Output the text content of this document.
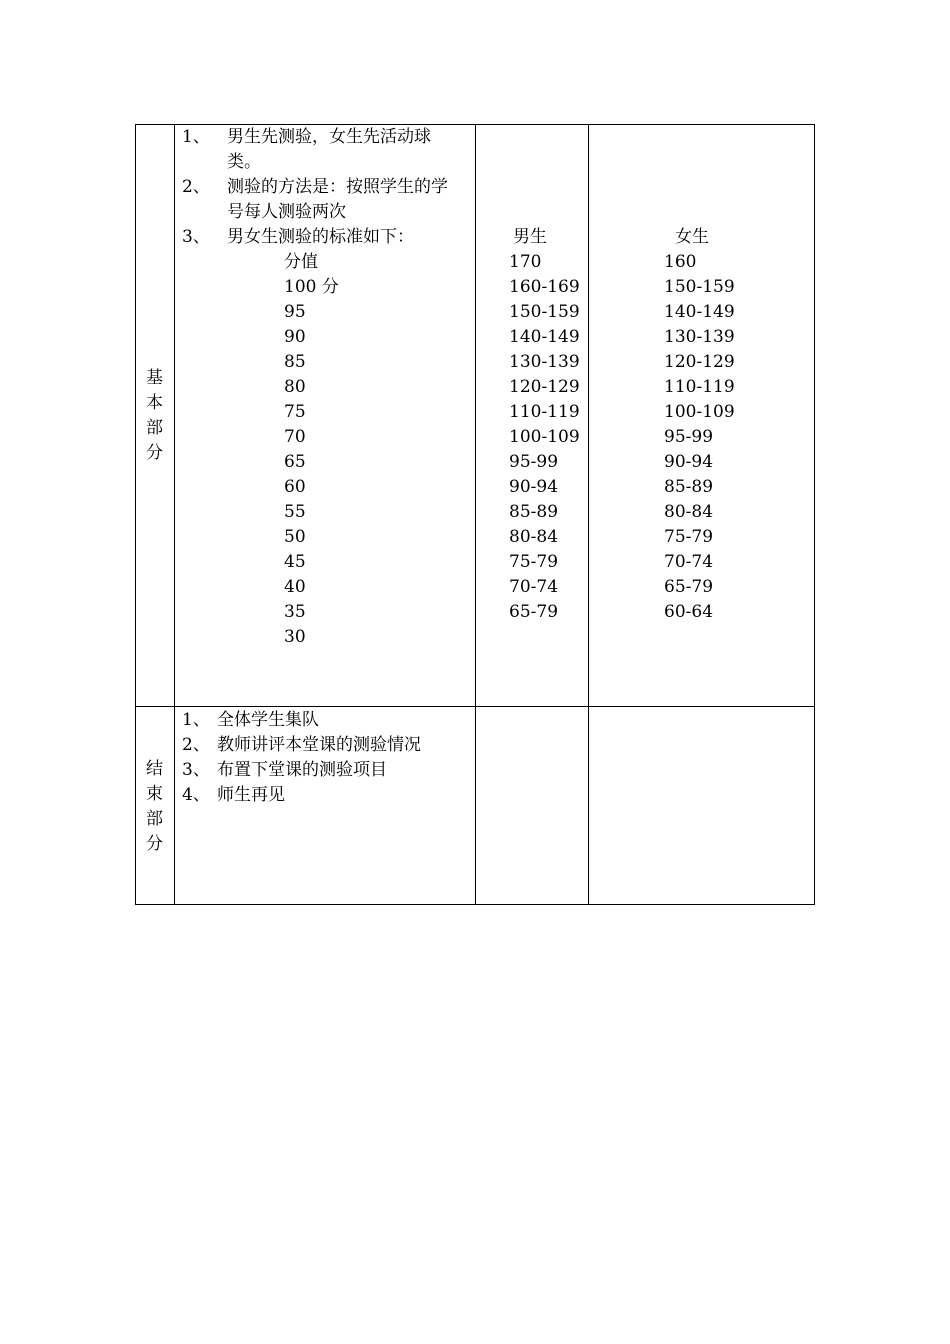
基
本
部
分
1、 男生先测验，女生先活动球
类。
2、 测验的方法是：按照学生的学
号每人测验两次
3、 男女生测验的标准如下：
分值
男生	女生
100 分
95
90
85
80
75
70
65
60
55
50
45
40
35
30
170
160-169
150-159
140-149
130-139
120-129
110-119
100-109
95-99
90-94
85-89
80-84
75-79
70-74
65-79
160
150-159
140-149
130-139
120-129
110-119
100-109
95-99
90-94
85-89
80-84
75-79
70-74
65-79
60-64
结
束
部
分
1、 全体学生集队
2、 教师讲评本堂课的测验情况
3、 布置下堂课的测验项目
4、 师生再见
